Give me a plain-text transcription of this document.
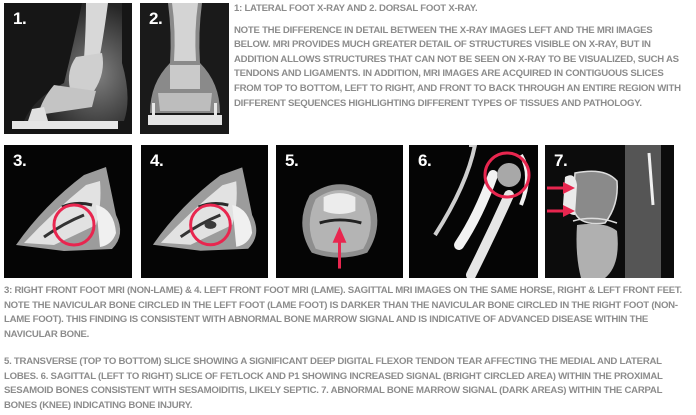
1.	2.

1: LATERAL FOOT X-RAY AND 2. DORSAL FOOT X-RAY.

NOTE THE DIFFERENCE IN DETAIL BETWEEN THE X-RAY IMAGES LEFT AND THE MRI IMAGES BELOW. MRI PROVIDES MUCH GREATER DETAIL OF STRUCTURES VISIBLE ON X-RAY, BUT IN ADDITION ALLOWS STRUCTURES THAT CAN NOT BE SEEN ON X-RAY TO BE VISUALIZED, SUCH AS TENDONS AND LIGAMENTS. IN ADDITION, MRI IMAGES ARE ACQUIRED IN CONTIGUOUS SLICES FROM TOP TO BOTTOM, LEFT TO RIGHT, AND FRONT TO BACK THROUGH AN ENTIRE REGION WITH DIFFERENT SEQUENCES HIGHLIGHTING DIFFERENT TYPES OF TISSUES AND PATHOLOGY.

3.	4.	5.	6.	7.

3: RIGHT FRONT FOOT MRI (NON-LAME) & 4. LEFT FRONT FOOT MRI (LAME). SAGITTAL MRI IMAGES ON THE SAME HORSE, RIGHT & LEFT FRONT FEET. NOTE THE NAVICULAR BONE CIRCLED IN THE LEFT FOOT (LAME FOOT) IS DARKER THAN THE NAVICULAR BONE CIRCLED IN THE RIGHT FOOT (NON-LAME FOOT). THIS FINDING IS CONSISTENT WITH ABNORMAL BONE MARROW SIGNAL AND IS INDICATIVE OF ADVANCED DISEASE WITHIN THE NAVICULAR BONE.

5. TRANSVERSE (TOP TO BOTTOM) SLICE SHOWING A SIGNIFICANT DEEP DIGITAL FLEXOR TENDON TEAR AFFECTING THE MEDIAL AND LATERAL LOBES. 6. SAGITTAL (LEFT TO RIGHT) SLICE OF FETLOCK AND P1 SHOWING INCREASED SIGNAL (BRIGHT CIRCLED AREA) WITHIN THE PROXIMAL SESAMOID BONES CONSISTENT WITH SESAMOIDITIS, LIKELY SEPTIC. 7. ABNORMAL BONE MARROW SIGNAL (DARK AREAS) WITHIN THE CARPAL BONES (KNEE) INDICATING BONE INJURY.
